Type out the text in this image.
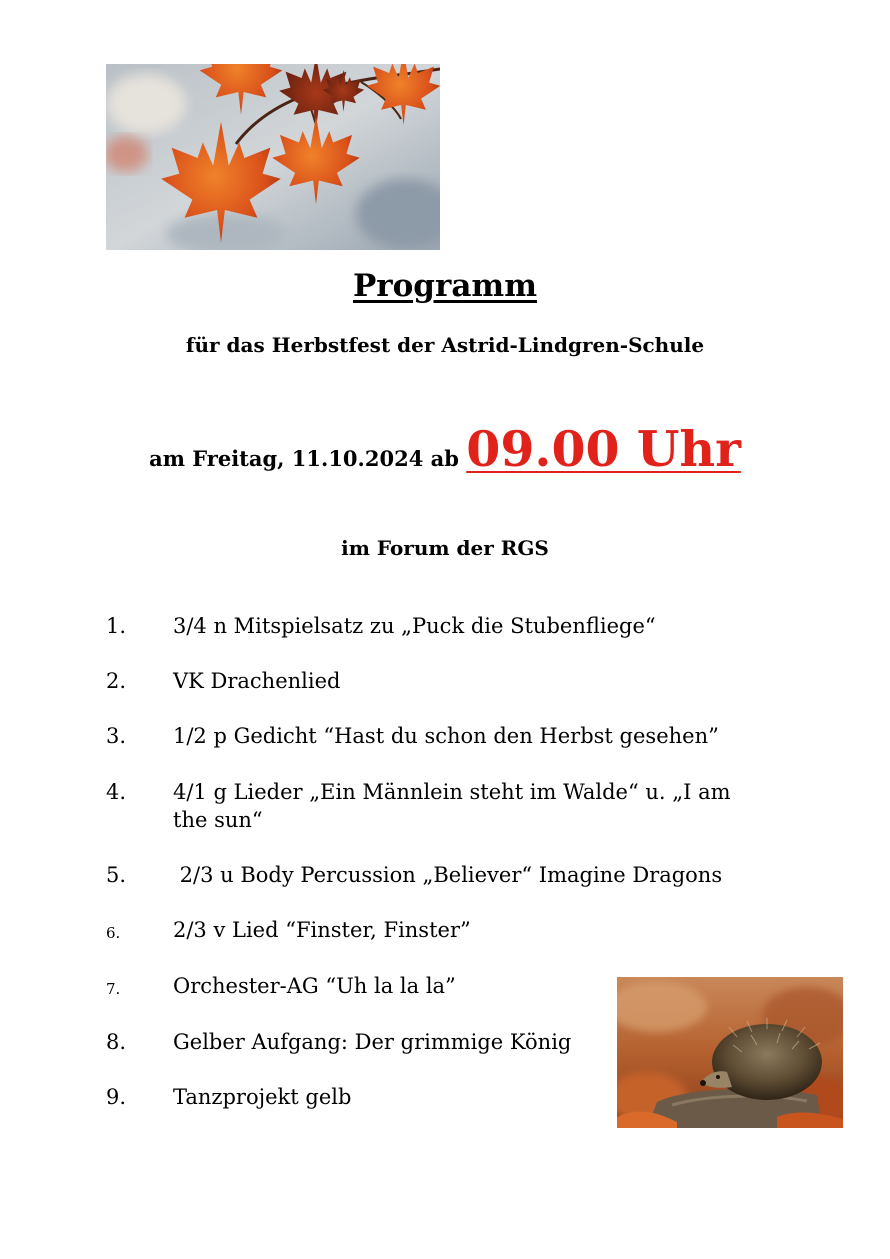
Programm

für das Herbstfest der Astrid-Lindgren-Schule

am Freitag, 11.10.2024 ab 09.00 Uhr

im Forum der RGS

1. 3/4 n Mitspielsatz zu „Puck die Stubenfliege“
2. VK Drachenlied
3. 1/2 p Gedicht “Hast du schon den Herbst gesehen”
4. 4/1 g Lieder „Ein Männlein steht im Walde“ u. „I am the sun“
5. 2/3 u Body Percussion „Believer“ Imagine Dragons
6.	2/3 v Lied “Finster, Finster”
7.	Orchester-AG “Uh la la la”
8. Gelber Aufgang: Der grimmige König
9. Tanzprojekt gelb
